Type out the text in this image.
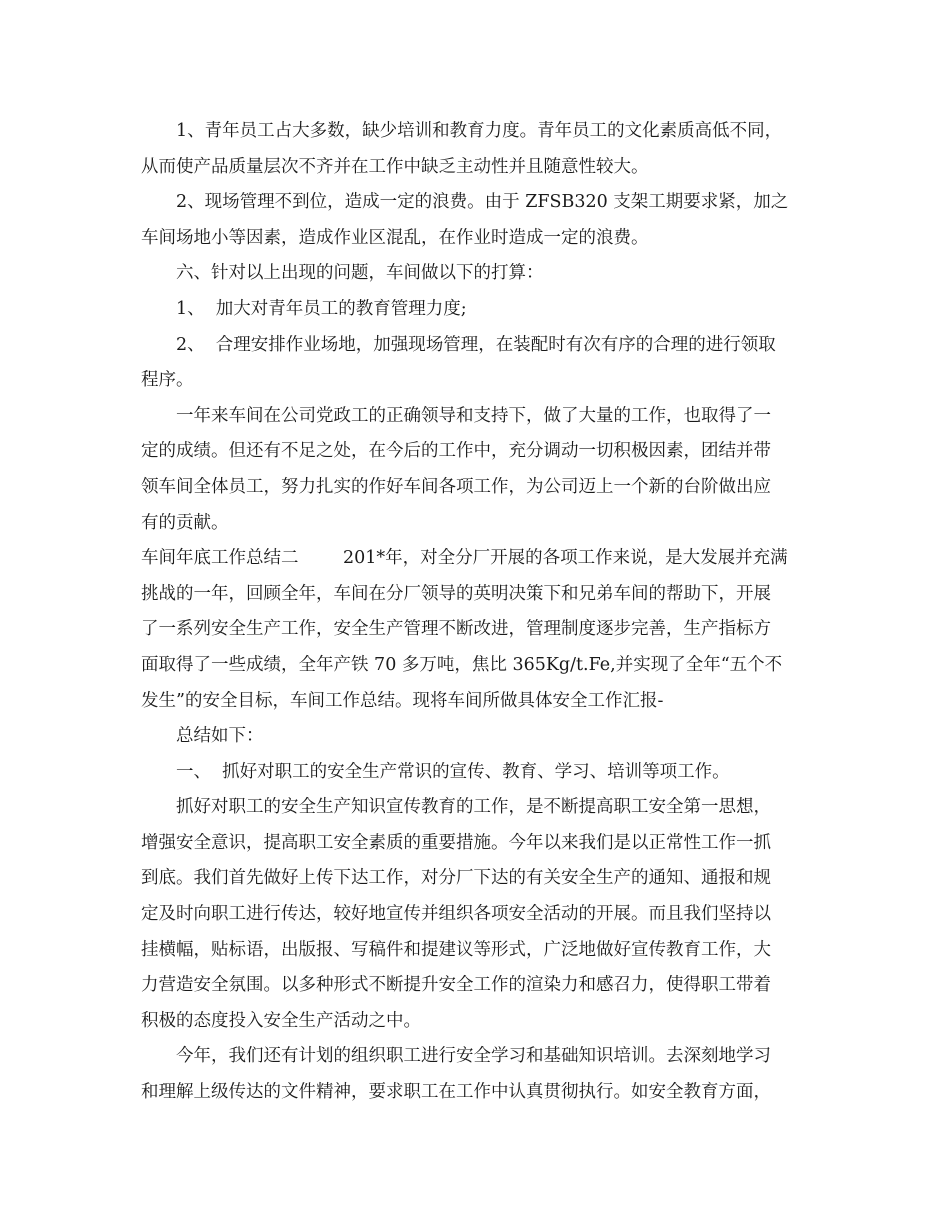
1、青年员工占大多数，缺少培训和教育力度。青年员工的文化素质高低不同，
从而使产品质量层次不齐并在工作中缺乏主动性并且随意性较大。
2、现场管理不到位，造成一定的浪费。由于 ZFSB320 支架工期要求紧，加之
车间场地小等因素，造成作业区混乱，在作业时造成一定的浪费。
六、针对以上出现的问题，车间做以下的打算：
1、  加大对青年员工的教育管理力度;
2、  合理安排作业场地，加强现场管理，在装配时有次有序的合理的进行领取
程序。
一年来车间在公司党政工的正确领导和支持下，做了大量的工作，也取得了一
定的成绩。但还有不足之处，在今后的工作中，充分调动一切积极因素，团结并带
领车间全体员工，努力扎实的作好车间各项工作，为公司迈上一个新的台阶做出应
有的贡献。
车间年底工作总结二        201*年，对全分厂开展的各项工作来说，是大发展并充满
挑战的一年，回顾全年，车间在分厂领导的英明决策下和兄弟车间的帮助下，开展
了一系列安全生产工作，安全生产管理不断改进，管理制度逐步完善，生产指标方
面取得了一些成绩，全年产铁 70 多万吨，焦比 365Kg/t.Fe,并实现了全年“五个不
发生”的安全目标，车间工作总结。现将车间所做具体安全工作汇报-
总结如下：
一、  抓好对职工的安全生产常识的宣传、教育、学习、培训等项工作。
抓好对职工的安全生产知识宣传教育的工作，是不断提高职工安全第一思想，
增强安全意识，提高职工安全素质的重要措施。今年以来我们是以正常性工作一抓
到底。我们首先做好上传下达工作，对分厂下达的有关安全生产的通知、通报和规
定及时向职工进行传达，较好地宣传并组织各项安全活动的开展。而且我们坚持以
挂横幅，贴标语，出版报、写稿件和提建议等形式，广泛地做好宣传教育工作，大
力营造安全氛围。以多种形式不断提升安全工作的渲染力和感召力，使得职工带着
积极的态度投入安全生产活动之中。
今年，我们还有计划的组织职工进行安全学习和基础知识培训。去深刻地学习
和理解上级传达的文件精神，要求职工在工作中认真贯彻执行。如安全教育方面，
